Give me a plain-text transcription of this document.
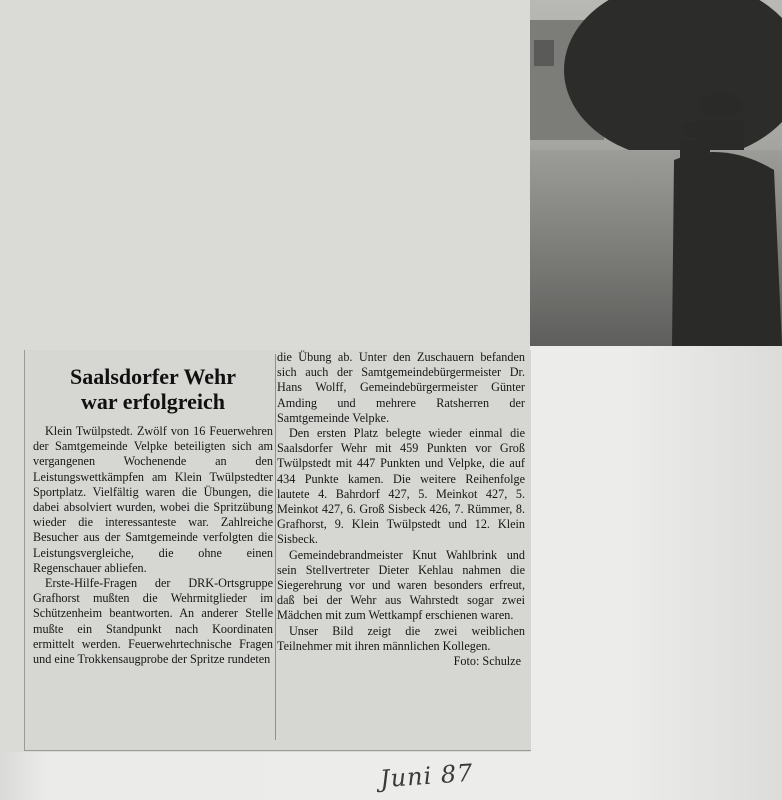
Saalsdorfer Wehr
war erfolgreich

Klein Twülpstedt. Zwölf von 16 Feuerwehren der Samtgemeinde Velpke beteiligten sich am vergangenen Wochenende an den Leistungswettkämpfen am Klein Twülpstedter Sportplatz. Vielfältig waren die Übungen, die dabei absolviert wurden, wobei die Spritzübung wieder die interessanteste war. Zahlreiche Besucher aus der Samtgemeinde verfolgten die Leistungsvergleiche, die ohne einen Regenschauer abliefen.

Erste-Hilfe-Fragen der DRK-Ortsgruppe Grafhorst mußten die Wehrmitglieder im Schützenheim beantworten. An anderer Stelle mußte ein Standpunkt nach Koordinaten ermittelt werden. Feuerwehrtechnische Fragen und eine Trokkensaugprobe der Spritze rundeten

die Übung ab. Unter den Zuschauern befanden sich auch der Samtgemeindebürgermeister Dr. Hans Wolff, Gemeindebürgermeister Günter Amding und mehrere Ratsherren der Samtgemeinde Velpke.

Den ersten Platz belegte wieder einmal die Saalsdorfer Wehr mit 459 Punkten vor Groß Twülpstedt mit 447 Punkten und Velpke, die auf 434 Punkte kamen. Die weitere Reihenfolge lautete 4. Bahrdorf 427, 5. Meinkot 427, 5. Meinkot 427, 6. Groß Sisbeck 426, 7. Rümmer, 8. Grafhorst, 9. Klein Twülpstedt und 12. Klein Sisbeck.

Gemeindebrandmeister Knut Wahlbrink und sein Stellvertreter Dieter Kehlau nahmen die Siegerehrung vor und waren besonders erfreut, daß bei der Wehr aus Wahrstedt sogar zwei Mädchen mit zum Wettkampf erschienen waren.

Unser Bild zeigt die zwei weiblichen Teilnehmer mit ihren männlichen Kollegen.

Foto: Schulze

Juni 87
